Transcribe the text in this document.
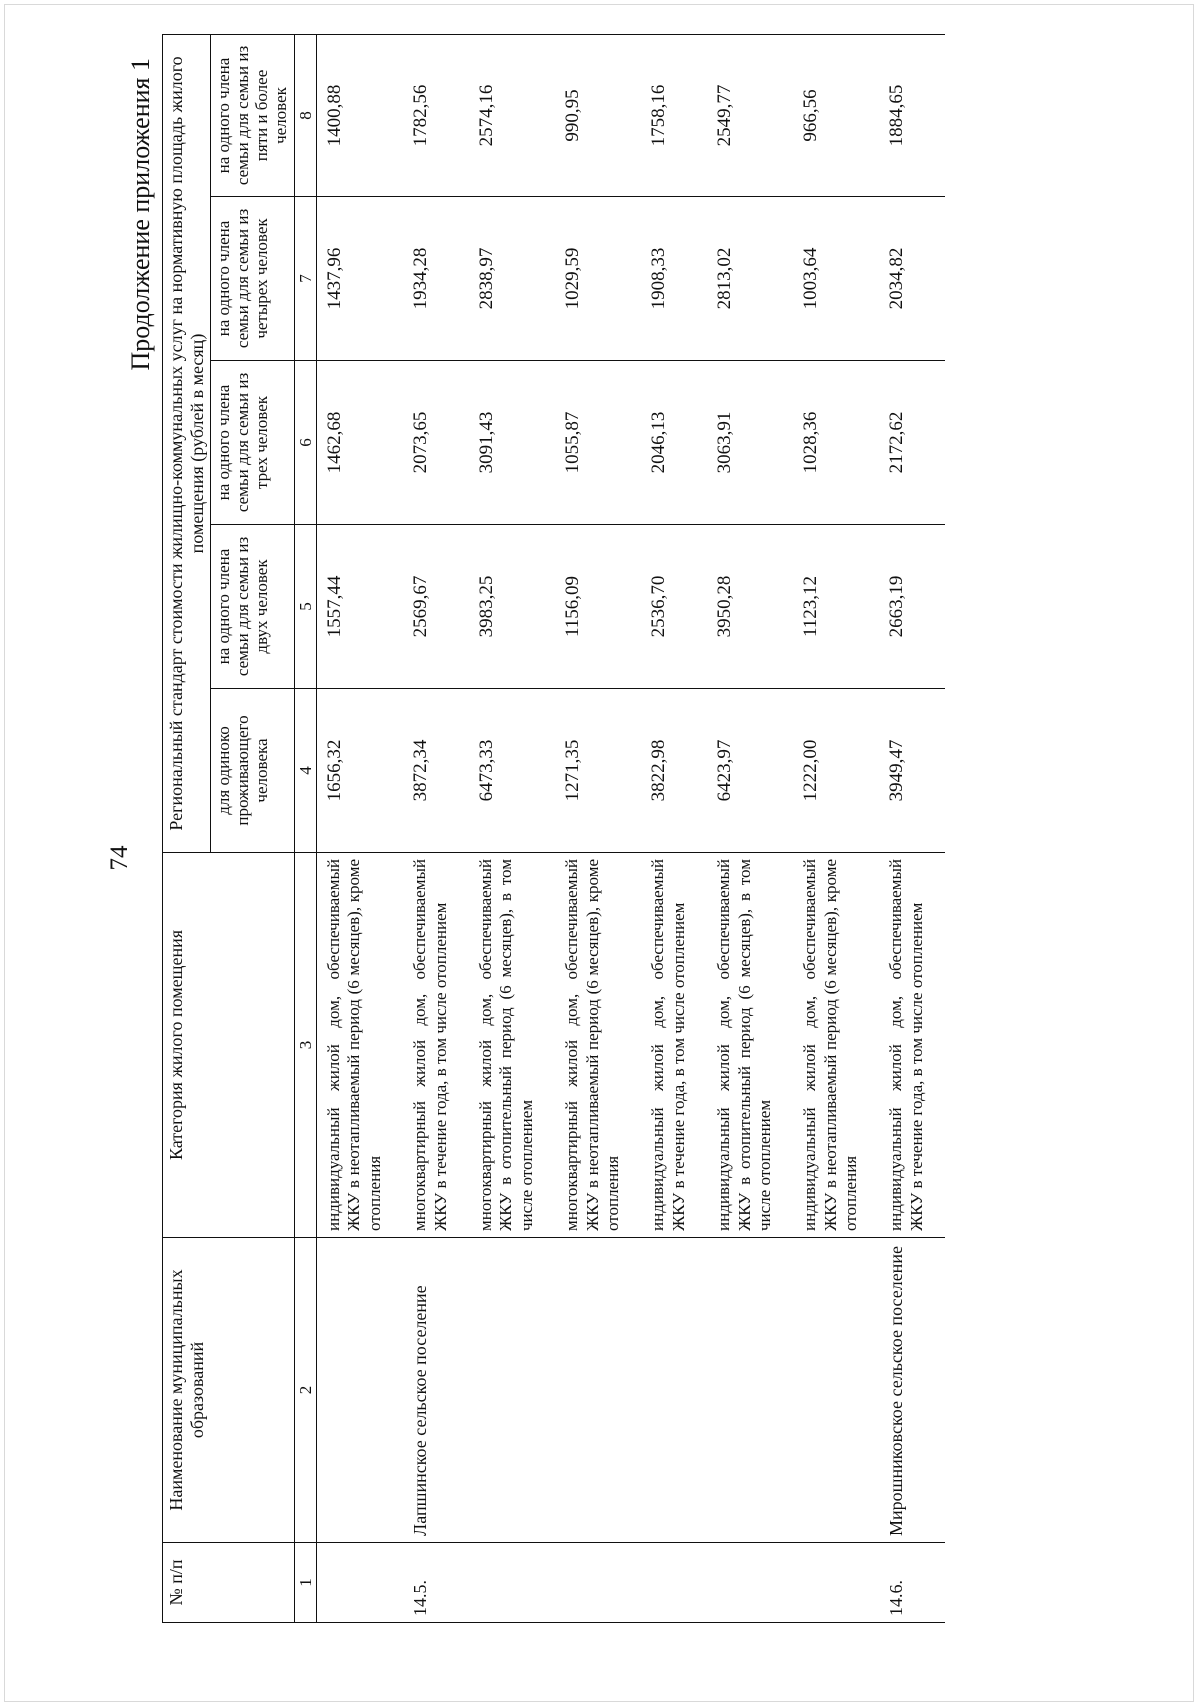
74
Продолжение приложения 1
№ п/п	Наименование муниципальных образований	Категория жилого помещения	Региональный стандарт стоимости жилищно-коммунальных услуг на нормативную площадь жилого помещения (рублей в месяц)				
			для одиноко проживающего человека	на одного члена семьи для семьи из двух человек	на одного члена семьи для семьи из трех человек	на одного члена семьи для семьи из четырех человек	на одного члена семьи для семьи из пяти и более человек
1	2	3	4	5	6	7	8
		индивидуальный жилой дом, обеспечиваемый ЖКУ в неотапливаемый период (6 месяцев), кроме отопления	1656,32	1557,44	1462,68	1437,96	1400,88
14.5.	Лапшинское сельское поселение	многоквартирный жилой дом, обеспечиваемый ЖКУ в течение года, в том числе отоплением	3872,34	2569,67	2073,65	1934,28	1782,56
		многоквартирный жилой дом, обеспечиваемый ЖКУ в отопительный период (6 месяцев), в том числе отоплением	6473,33	3983,25	3091,43	2838,97	2574,16
		многоквартирный жилой дом, обеспечиваемый ЖКУ в неотапливаемый период (6 месяцев), кроме отопления	1271,35	1156,09	1055,87	1029,59	990,95
		индивидуальный жилой дом, обеспечиваемый ЖКУ в течение года, в том числе отоплением	3822,98	2536,70	2046,13	1908,33	1758,16
		индивидуальный жилой дом, обеспечиваемый ЖКУ в отопительный период (6 месяцев), в том числе отоплением	6423,97	3950,28	3063,91	2813,02	2549,77
		индивидуальный жилой дом, обеспечиваемый ЖКУ в неотапливаемый период (6 месяцев), кроме отопления	1222,00	1123,12	1028,36	1003,64	966,56
14.6.	Мирошниковское сельское поселение	индивидуальный жилой дом, обеспечиваемый ЖКУ в течение года, в том числе отоплением	3949,47	2663,19	2172,62	2034,82	1884,65
